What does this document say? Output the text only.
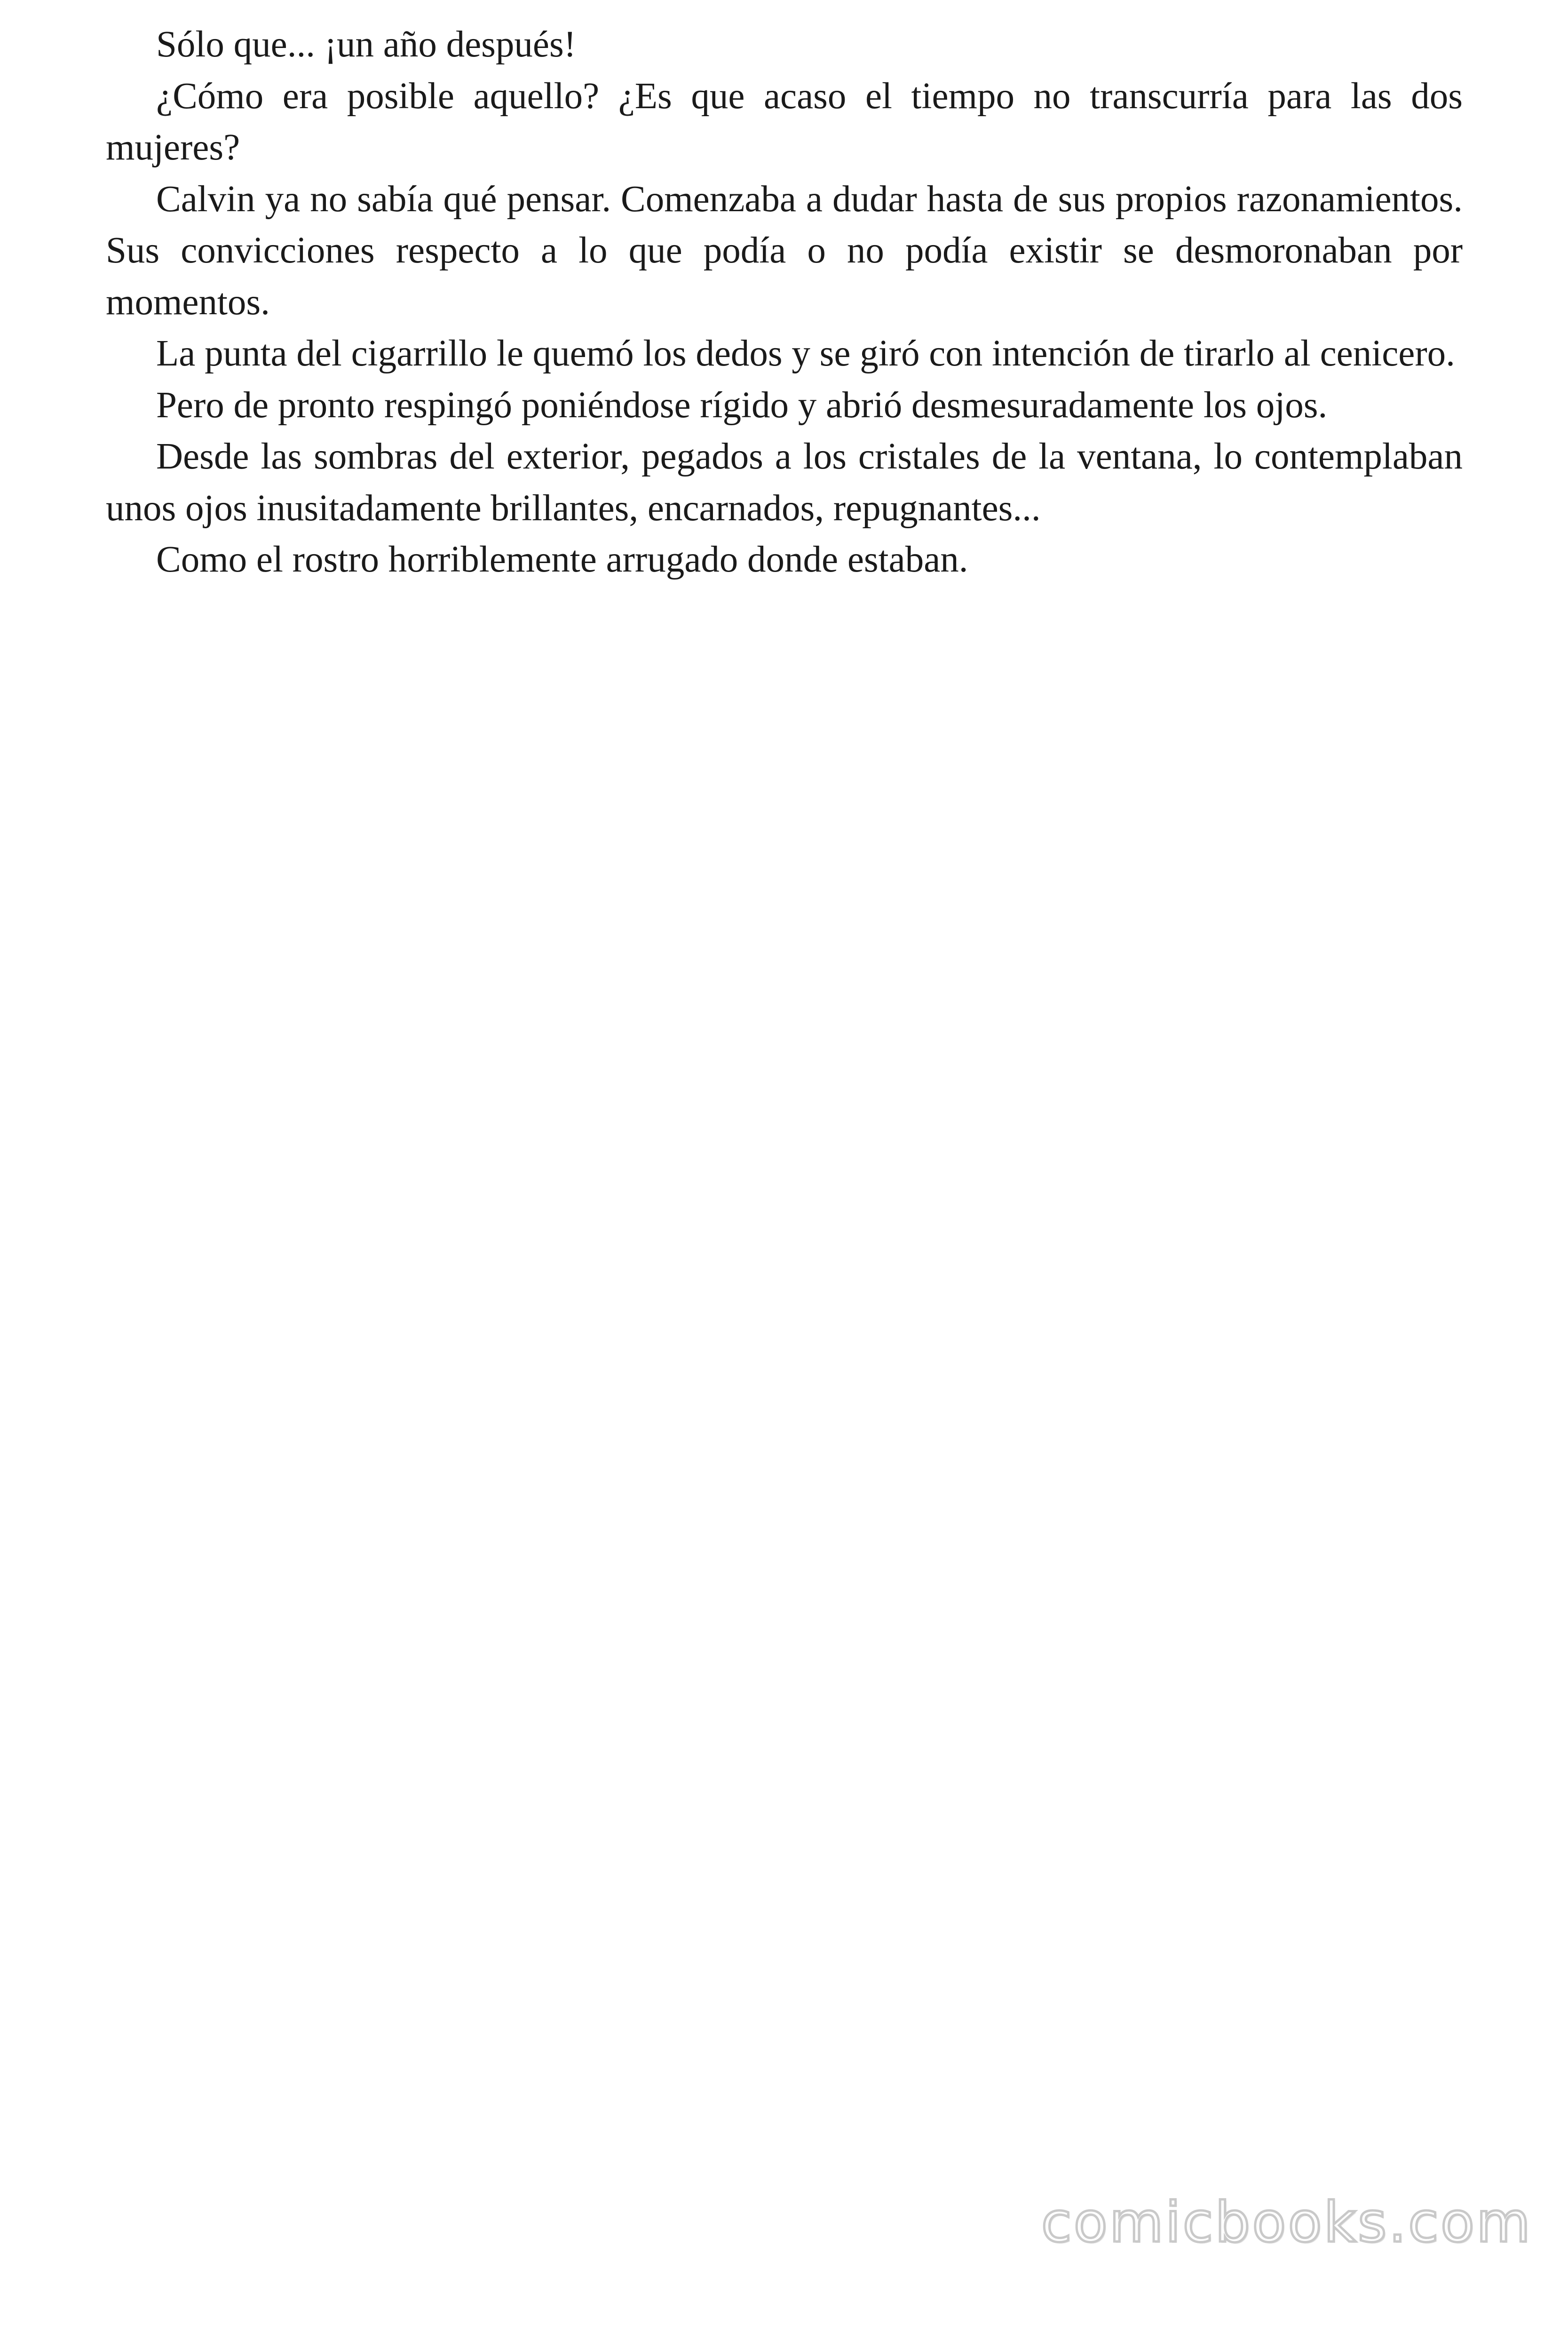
Sólo que... ¡un año después!

¿Cómo era posible aquello? ¿Es que acaso el tiempo no transcurría para las dos mujeres?

Calvin ya no sabía qué pensar. Comenzaba a dudar hasta de sus propios razonamientos. Sus convicciones respecto a lo que podía o no podía existir se desmoronaban por momentos.

La punta del cigarrillo le quemó los dedos y se giró con intención de tirarlo al cenicero.

Pero de pronto respingó poniéndose rígido y abrió desmesuradamente los ojos.

Desde las sombras del exterior, pegados a los cristales de la ventana, lo contemplaban unos ojos inusitadamente brillantes, encarnados, repugnantes...

Como el rostro horriblemente arrugado donde estaban.

comicbooks.com
